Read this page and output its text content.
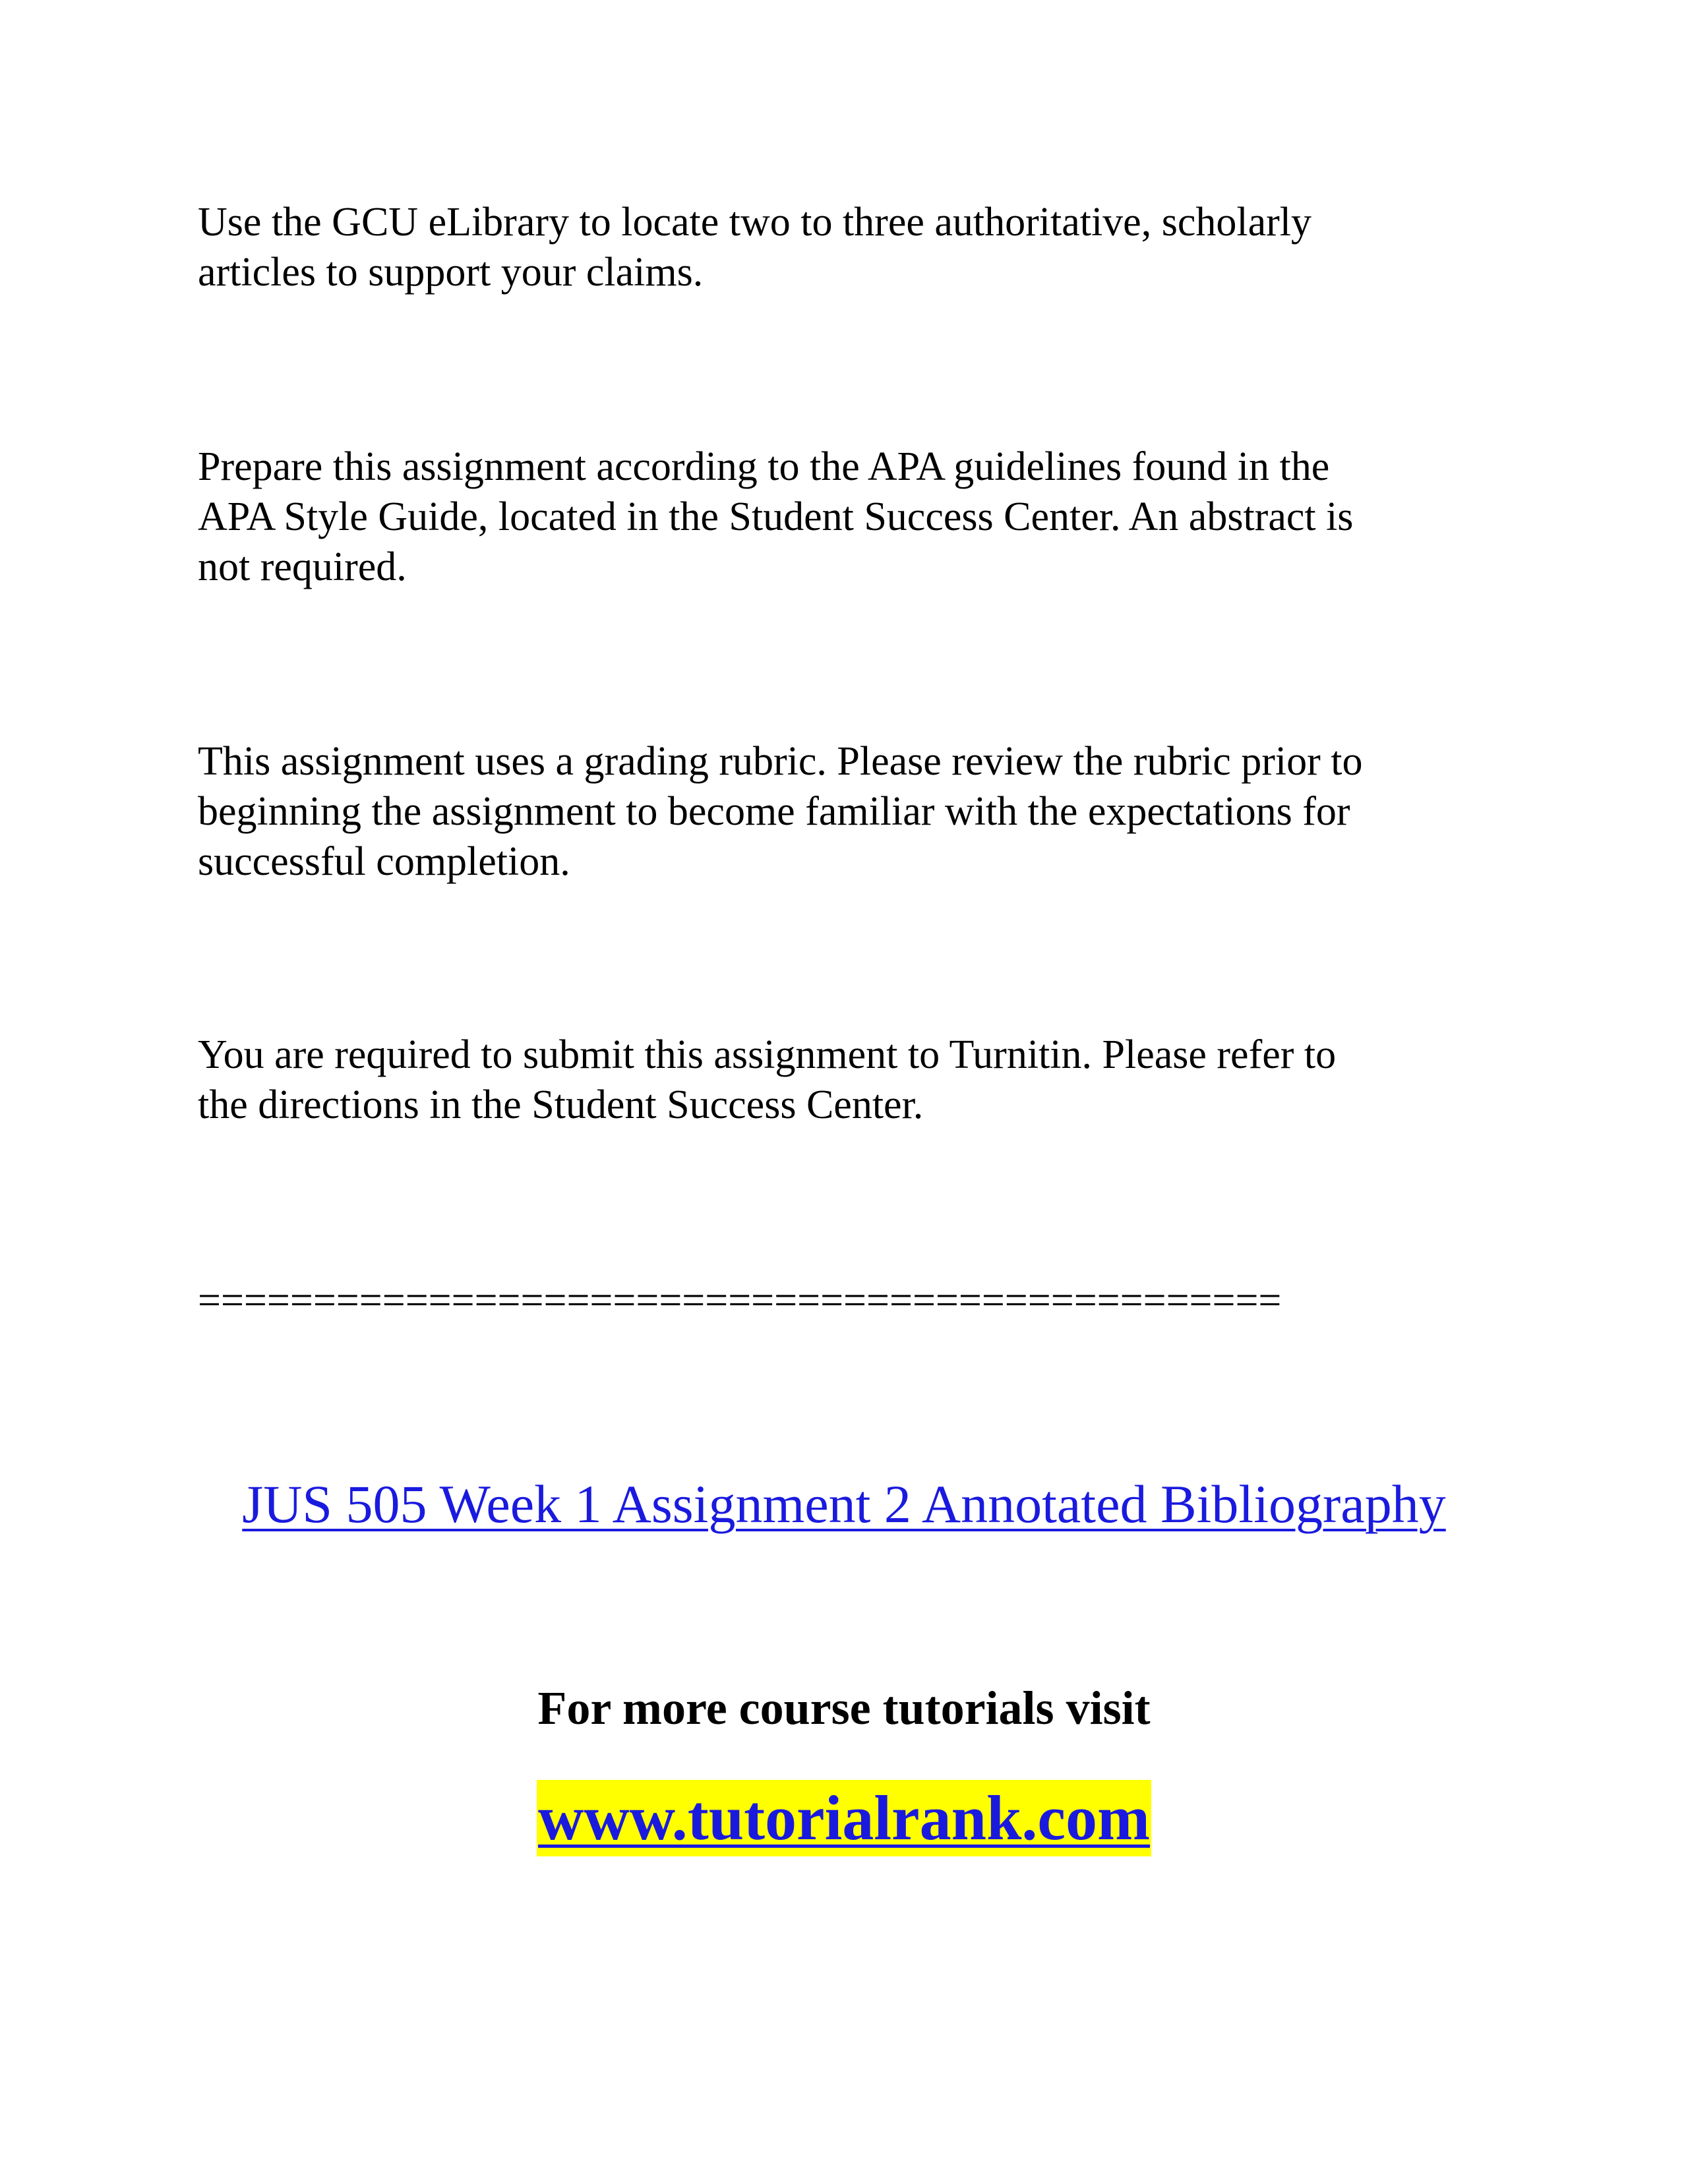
Use the GCU eLibrary to locate two to three authoritative, scholarly
articles to support your claims.
Prepare this assignment according to the APA guidelines found in the
APA Style Guide, located in the Student Success Center. An abstract is
not required.
This assignment uses a grading rubric. Please review the rubric prior to
beginning the assignment to become familiar with the expectations for
successful completion.
You are required to submit this assignment to Turnitin. Please refer to
the directions in the Student Success Center.
===============================================
JUS 505 Week 1 Assignment 2 Annotated Bibliography
For more course tutorials visit
www.tutorialrank.com
